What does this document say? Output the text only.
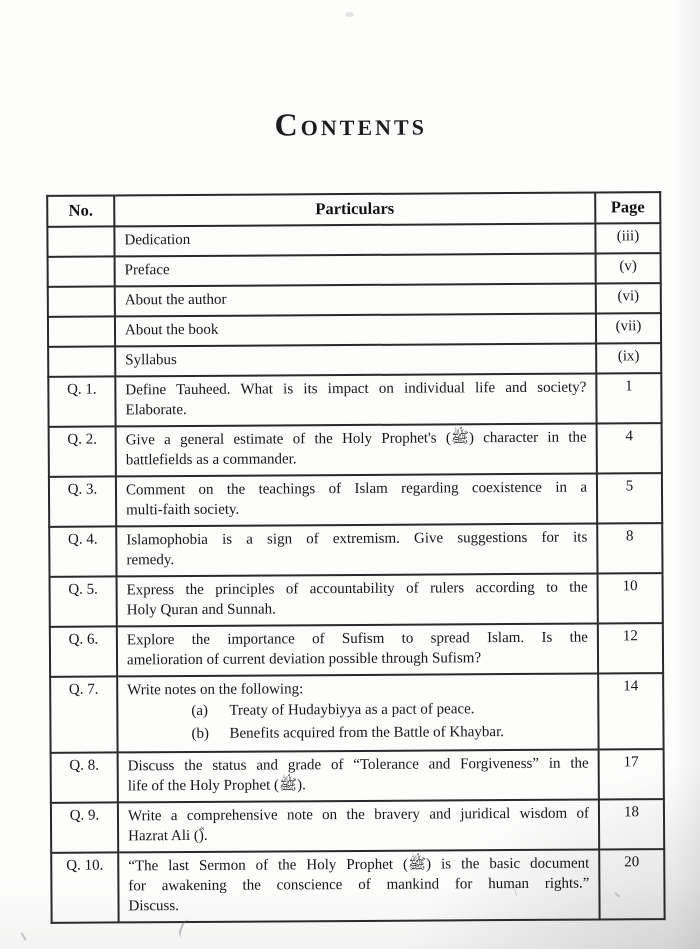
Contents
No.	Particulars	Page

	Dedication	(iii)

	Preface	(v)

	About the author	(vi)

	About the book	(vii)

	Syllabus	(ix)
Q. 1.	Define Tauheed. What is its impact on individual life and society?
Elaborate.	1
Q. 2.	Give a general estimate of the Holy Prophet's (ﷺ) character in the
battlefields as a commander.	4
Q. 3.	Comment on the teachings of Islam regarding coexistence in a
multi-faith society.	5
Q. 4.	Islamophobia is a sign of extremism. Give suggestions for its
remedy.	8
Q. 5.	Express the principles of accountability of rulers according to the
Holy Quran and Sunnah.	10
Q. 6.	Explore the importance of Sufism to spread Islam. Is the
amelioration of current deviation possible through Sufism?	12
Q. 7.	Write notes on the following:
(a) Treaty of Hudaybiyya as a pact of peace.
(b) Benefits acquired from the Battle of Khaybar.	14
Q. 8.	Discuss the status and grade of “Tolerance and Forgiveness” in the
life of the Holy Prophet (ﷺ).	17
Q. 9.	Write a comprehensive note on the bravery and juridical wisdom of
Hazrat Ali (ؓ).	18
Q. 10.	“The last Sermon of the Holy Prophet (ﷺ) is the basic document
for awakening the conscience of mankind for human rights.”
Discuss.	20
